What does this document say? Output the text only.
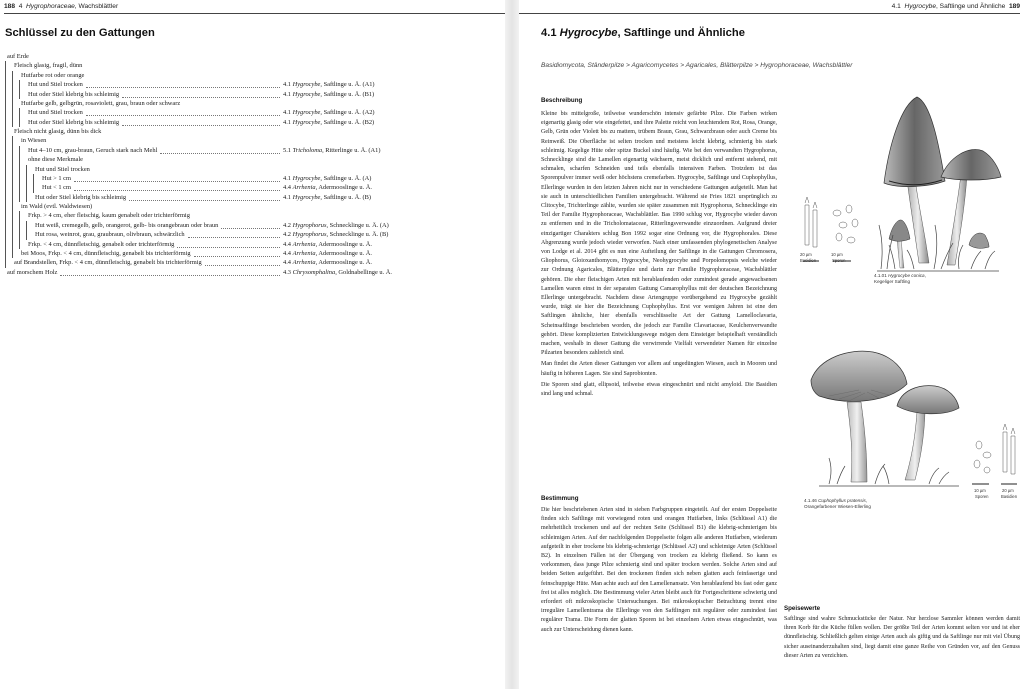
188 4 Hygrophoraceae, Wachsblättler
Schlüssel zu den Gattungen
auf Erde
Fleisch glasig, fragil, dünn
Hutfarbe rot oder orange
Hut und Stiel trocken	4.1 Hygrocybe, Saftlinge u. Ä. (A1)
Hut oder Stiel klebrig bis schleimig	4.1 Hygrocybe, Saftlinge u. Ä. (B1)
Hutfarbe gelb, gelbgrün, rosaviolett, grau, braun oder schwarz
Hut und Stiel trocken	4.1 Hygrocybe, Saftlinge u. Ä. (A2)
Hut oder Stiel klebrig bis schleimig	4.1 Hygrocybe, Saftlinge u. Ä. (B2)
Fleisch nicht glasig, dünn bis dick
in Wiesen
Hut 4–10 cm, grau-braun, Geruch stark nach Mehl	5.1 Tricholoma, Ritterlinge u. Ä. (A1)
ohne diese Merkmale
Hut und Stiel trocken
Hut > 1 cm	4.1 Hygrocybe, Saftlinge u. Ä. (A)
Hut < 1 cm	4.4 Arrhenia, Adermooslinge u. Ä.
Hut oder Stiel klebrig bis schleimig	4.1 Hygrocybe, Saftlinge u. Ä. (B)
im Wald (evtl. Waldwiesen)
Frkp. > 4 cm, eher fleischig, kaum genabelt oder trichterförmig
Hut weiß, cremegelb, gelb, orangerot, gelb- bis orangebraun oder braun	4.2 Hygrophorus, Schnecklinge u. Ä. (A)
Hut rosa, weinrot, grau, graubraun, olivbraun, schwärzlich	4.2 Hygrophorus, Schnecklinge u. Ä. (B)
Frkp. < 4 cm, dünnfleischig, genabelt oder trichterförmig	4.4 Arrhenia, Adermooslinge u. Ä.
bei Moos, Frkp. < 4 cm, dünnfleischig, genabelt bis trichterförmig	4.4 Arrhenia, Adermooslinge u. Ä.
auf Brandstellen, Frkp. < 4 cm, dünnfleischig, genabelt bis trichterförmig	4.4 Arrhenia, Adermooslinge u. Ä.
auf morschem Holz	4.3 Chrysomphalina, Goldnabellinge u. Ä.
4.1 Hygrocybe, Saftlinge und Ähnliche 189
4.1 Hygrocybe, Saftlinge und Ähnliche
Basidiomycota, Ständerpilze > Agaricomycetes > Agaricales, Blätterpilze > Hygrophoraceae, Wachsblättler
Beschreibung
Kleine bis mittelgroße, teilweise wunderschön intensiv gefärbte Pilze. Die Farben wirken eigenartig glasig oder wie eingefettet, und ihre Palette reicht von leuchtendem Rot, Rosa, Orange, Gelb, Grün oder Violett bis zu mattem, trübem Braun, Grau, Schwarzbraun oder auch Creme bis Reinweiß. Die Oberfläche ist selten trocken und meistens leicht klebrig, schmierig bis stark schleimig. Kegelige Hüte oder spitze Buckel sind häufig. Wie bei den verwandten Hygrophorus, Schnecklinge sind die Lamellen eigenartig wächsern, meist dicklich und entfernt stehend, mit schmalen, scharfen Schneiden und teils ebenfalls intensiven Farben. Trotzdem ist das Sporenpulver immer weiß oder höchstens cremefarben. Hygrocybe, Saftlinge und Cuphophyllus, Ellerlinge wurden in den letzten Jahren nicht nur in verschiedene Gattungen aufgeteilt. Man hat sie auch in unterschiedlichen Familien untergebracht. Während sie Fries 1821 ursprünglich zu Clitocybe, Trichterlinge zählte, wurden sie später zusammen mit Hygrophorus, Schnecklinge ein Teil der Familie Hygrophoraceae, Wachsblättler. Bas 1990 schlug vor, Hygrocybe wieder davon zu entfernen und in die Tricholomataceae, Ritterlingsverwandte einzuordnen. Aufgrund dreier einzigartiger Charakters schlug Bon 1992 sogar eine Ordnung vor, die Hygrophorales. Diese Abgrenzung wurde jedoch wieder verworfen. Nach einer umfassenden phylogenetischen Analyse von Lodge et al. 2014 gibt es nun eine Aufteilung der Saftlinge in die Gattungen Chromosera, Gliophorus, Gloioxanthomyces, Hygrocybe, Neohygrocybe und Porpolomopsis welche wieder zur Ordnung Agaricales, Blätterpilze und darin zur Familie Hygrophoraceae, Wachsblättler gehören. Die eher fleischigen Arten mit herablaufenden oder zumindest gerade angewachsenen Lamellen waren einst in der separaten Gattung Camarophyllus mit der deutschen Bezeichnung Ellerlinge untergebracht. Nachdem diese Artengruppe vorübergehend zu Hygrocybe gezählt wurde, trägt sie hier die Bezeichnung Cuphophyllus. Erst vor wenigen Jahren ist eine den Saftlingen ähnliche, hier ebenfalls verschlüsselte Art der Gattung Lamelloclavaria, Scheinsaftlinge beschrieben worden, die jedoch zur Familie Clavariaceae, Keulchenverwandte gehört. Diese komplizierten Entwicklungswege mögen dem Einsteiger beispielhaft verständlich machen, weshalb in dieser Gattung die verwirrende Vielfalt verwendeter Namen für einzelne Pilzarten besonders zahlreich sind.
Man findet die Arten dieser Gattungen vor allem auf ungedüngten Wiesen, auch in Mooren und häufig in höheren Lagen. Sie sind Saprobionten.
Die Sporen sind glatt, ellipsoid, teilweise etwas eingeschnürt und nicht amyloid. Die Basidien sind lang und schmal.
Bestimmung
Die hier beschriebenen Arten sind in sieben Farbgruppen eingeteilt. Auf der ersten Doppelseite finden sich Saftlinge mit vorwiegend roten und orangen Hutfarben, links (Schlüssel A1) die mehrheitlich trockenen und auf der rechten Seite (Schlüssel B1) die klebrig-schmierigen bis schleimigen Arten. Auf der nachfolgenden Doppelseite folgen alle anderen Hutfarben, wiederum aufgeteilt in eher trockene bis klebrig-schmierige (Schlüssel A2) und schleimige Arten (Schlüssel B2). In einzelnen Fällen ist der Übergang von trocken zu klebrig fließend. So kann es vorkommen, dass junge Pilze schmierig sind und später trocken werden. Solche Arten sind auf beiden Seiten aufgeführt. Bei den trockenen finden sich neben glatten auch feinfaserige und feinschuppige Hüte. Man achte auch auf den Lamellenansatz. Von herablaufend bis fast oder ganz frei ist alles möglich. Die Bestimmung vieler Arten bleibt auch für Fortgeschrittene schwierig und erfordert oft mikroskopische Untersuchungen. Bei mikroskopischer Betrachtung trennt eine irreguläre Lamellentrama die Ellerlinge von den Saftlingen mit regulärer oder zumindest fast regulärer Trama. Die Form der glatten Sporen ist bei einzelnen Arten etwas eingeschnürt, was auch zur Unterscheidung dienen kann.
Speisewerte
Saftlinge sind wahre Schmuckstücke der Natur. Nur herzlose Sammler können werden damit ihren Korb für die Küche füllen wollen. Der größte Teil der Arten kommt selten vor und ist eher dünnfleischig. Schließlich gelten einige Arten auch als giftig und da Saftlinge nur mit viel Übung sicher auseinanderzuhalten sind, liegt damit eine ganze Reihe von Gründen vor, auf den Genuss dieser Arten zu verzichten.
20 µm	10 µm
Basidien	Sporen
4.1.01 Hygrocybe conica,
Kegeliger Saftling
10 µm	20 µm
Sporen	Basidien
4.1.46 Cuphophyllus pratensis,
Orangefarbener Wiesen-Ellerling
